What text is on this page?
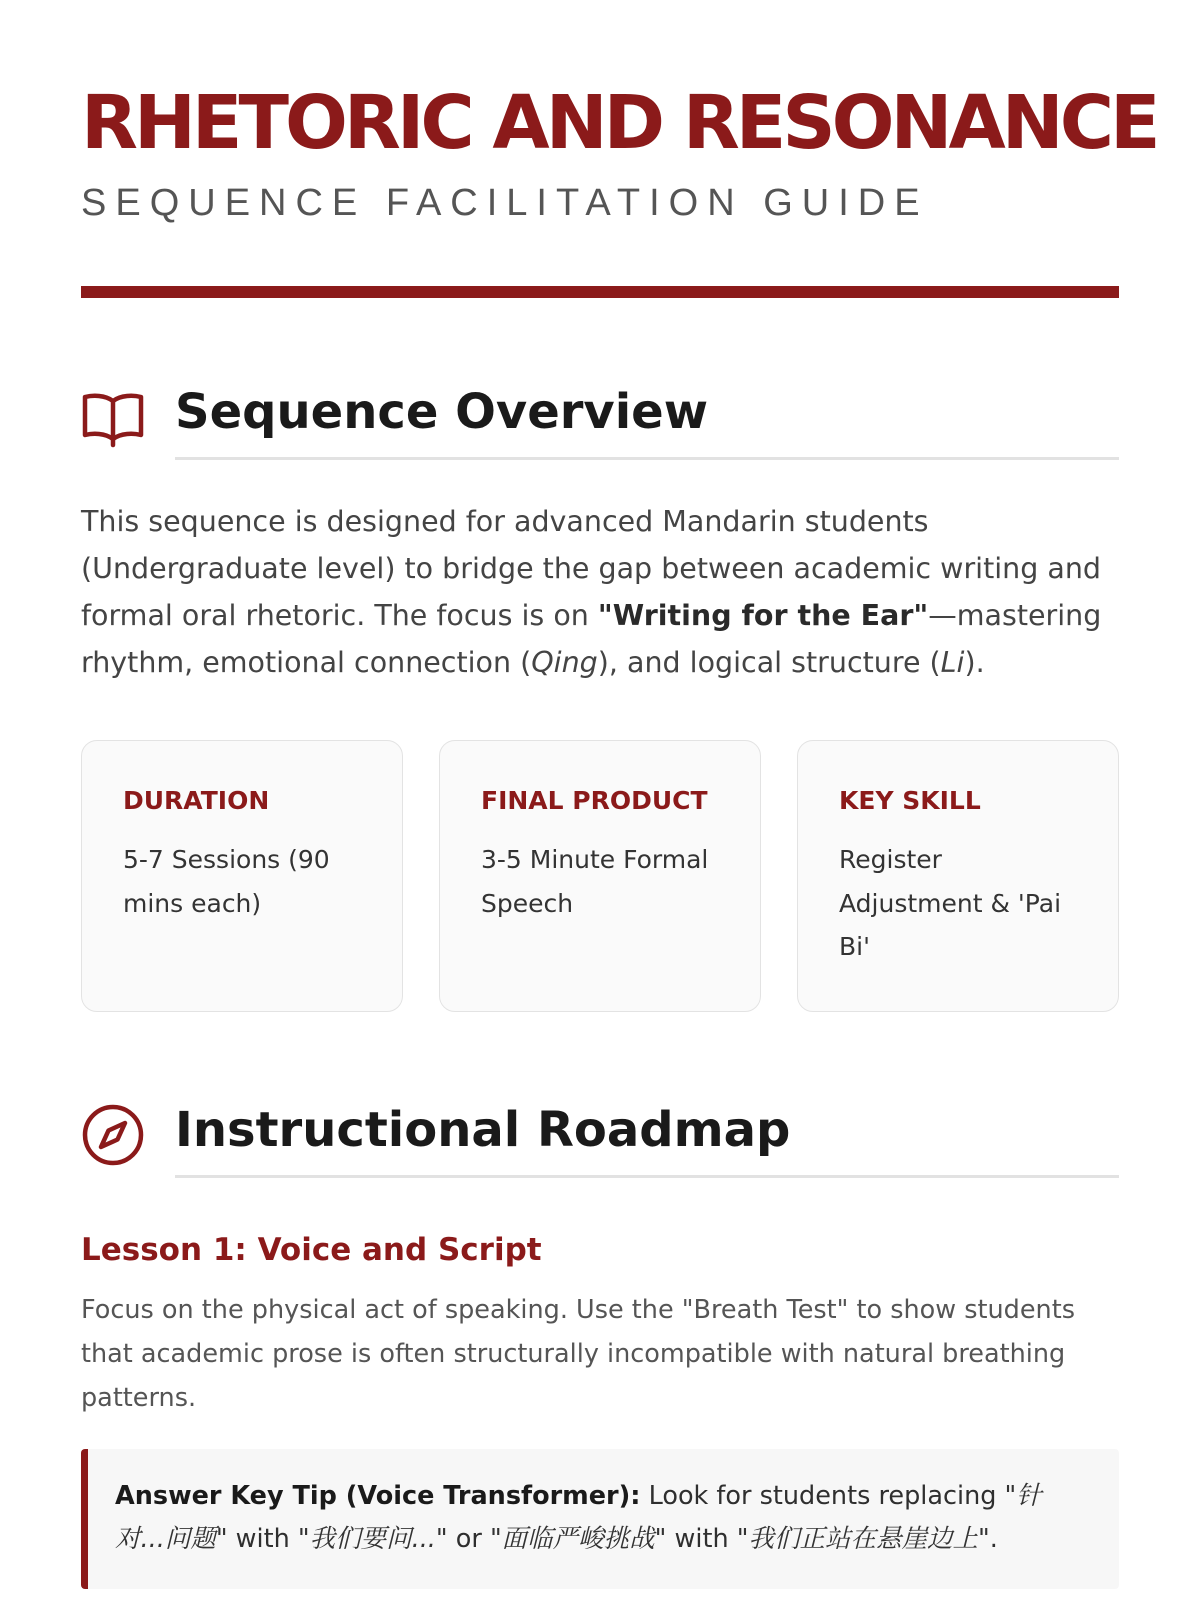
RHETORIC AND RESONANCE
SEQUENCE FACILITATION GUIDE
Sequence Overview

This sequence is designed for advanced Mandarin students (Undergraduate level) to bridge the gap between academic writing and formal oral rhetoric. The focus is on "Writing for the Ear"—mastering rhythm, emotional connection (Qing), and logical structure (Li).

DURATION
5-7 Sessions (90 mins each)
FINAL PRODUCT
3-5 Minute Formal Speech
KEY SKILL
Register Adjustment & 'Pai Bi'
Instructional Roadmap
Lesson 1: Voice and Script

Focus on the physical act of speaking. Use the "Breath Test" to show students that academic prose is often structurally incompatible with natural breathing patterns.

Answer Key Tip (Voice Transformer): Look for students replacing "针对...问题" with "我们要问..." or "面临严峻挑战" with "我们正站在悬崖边上".
